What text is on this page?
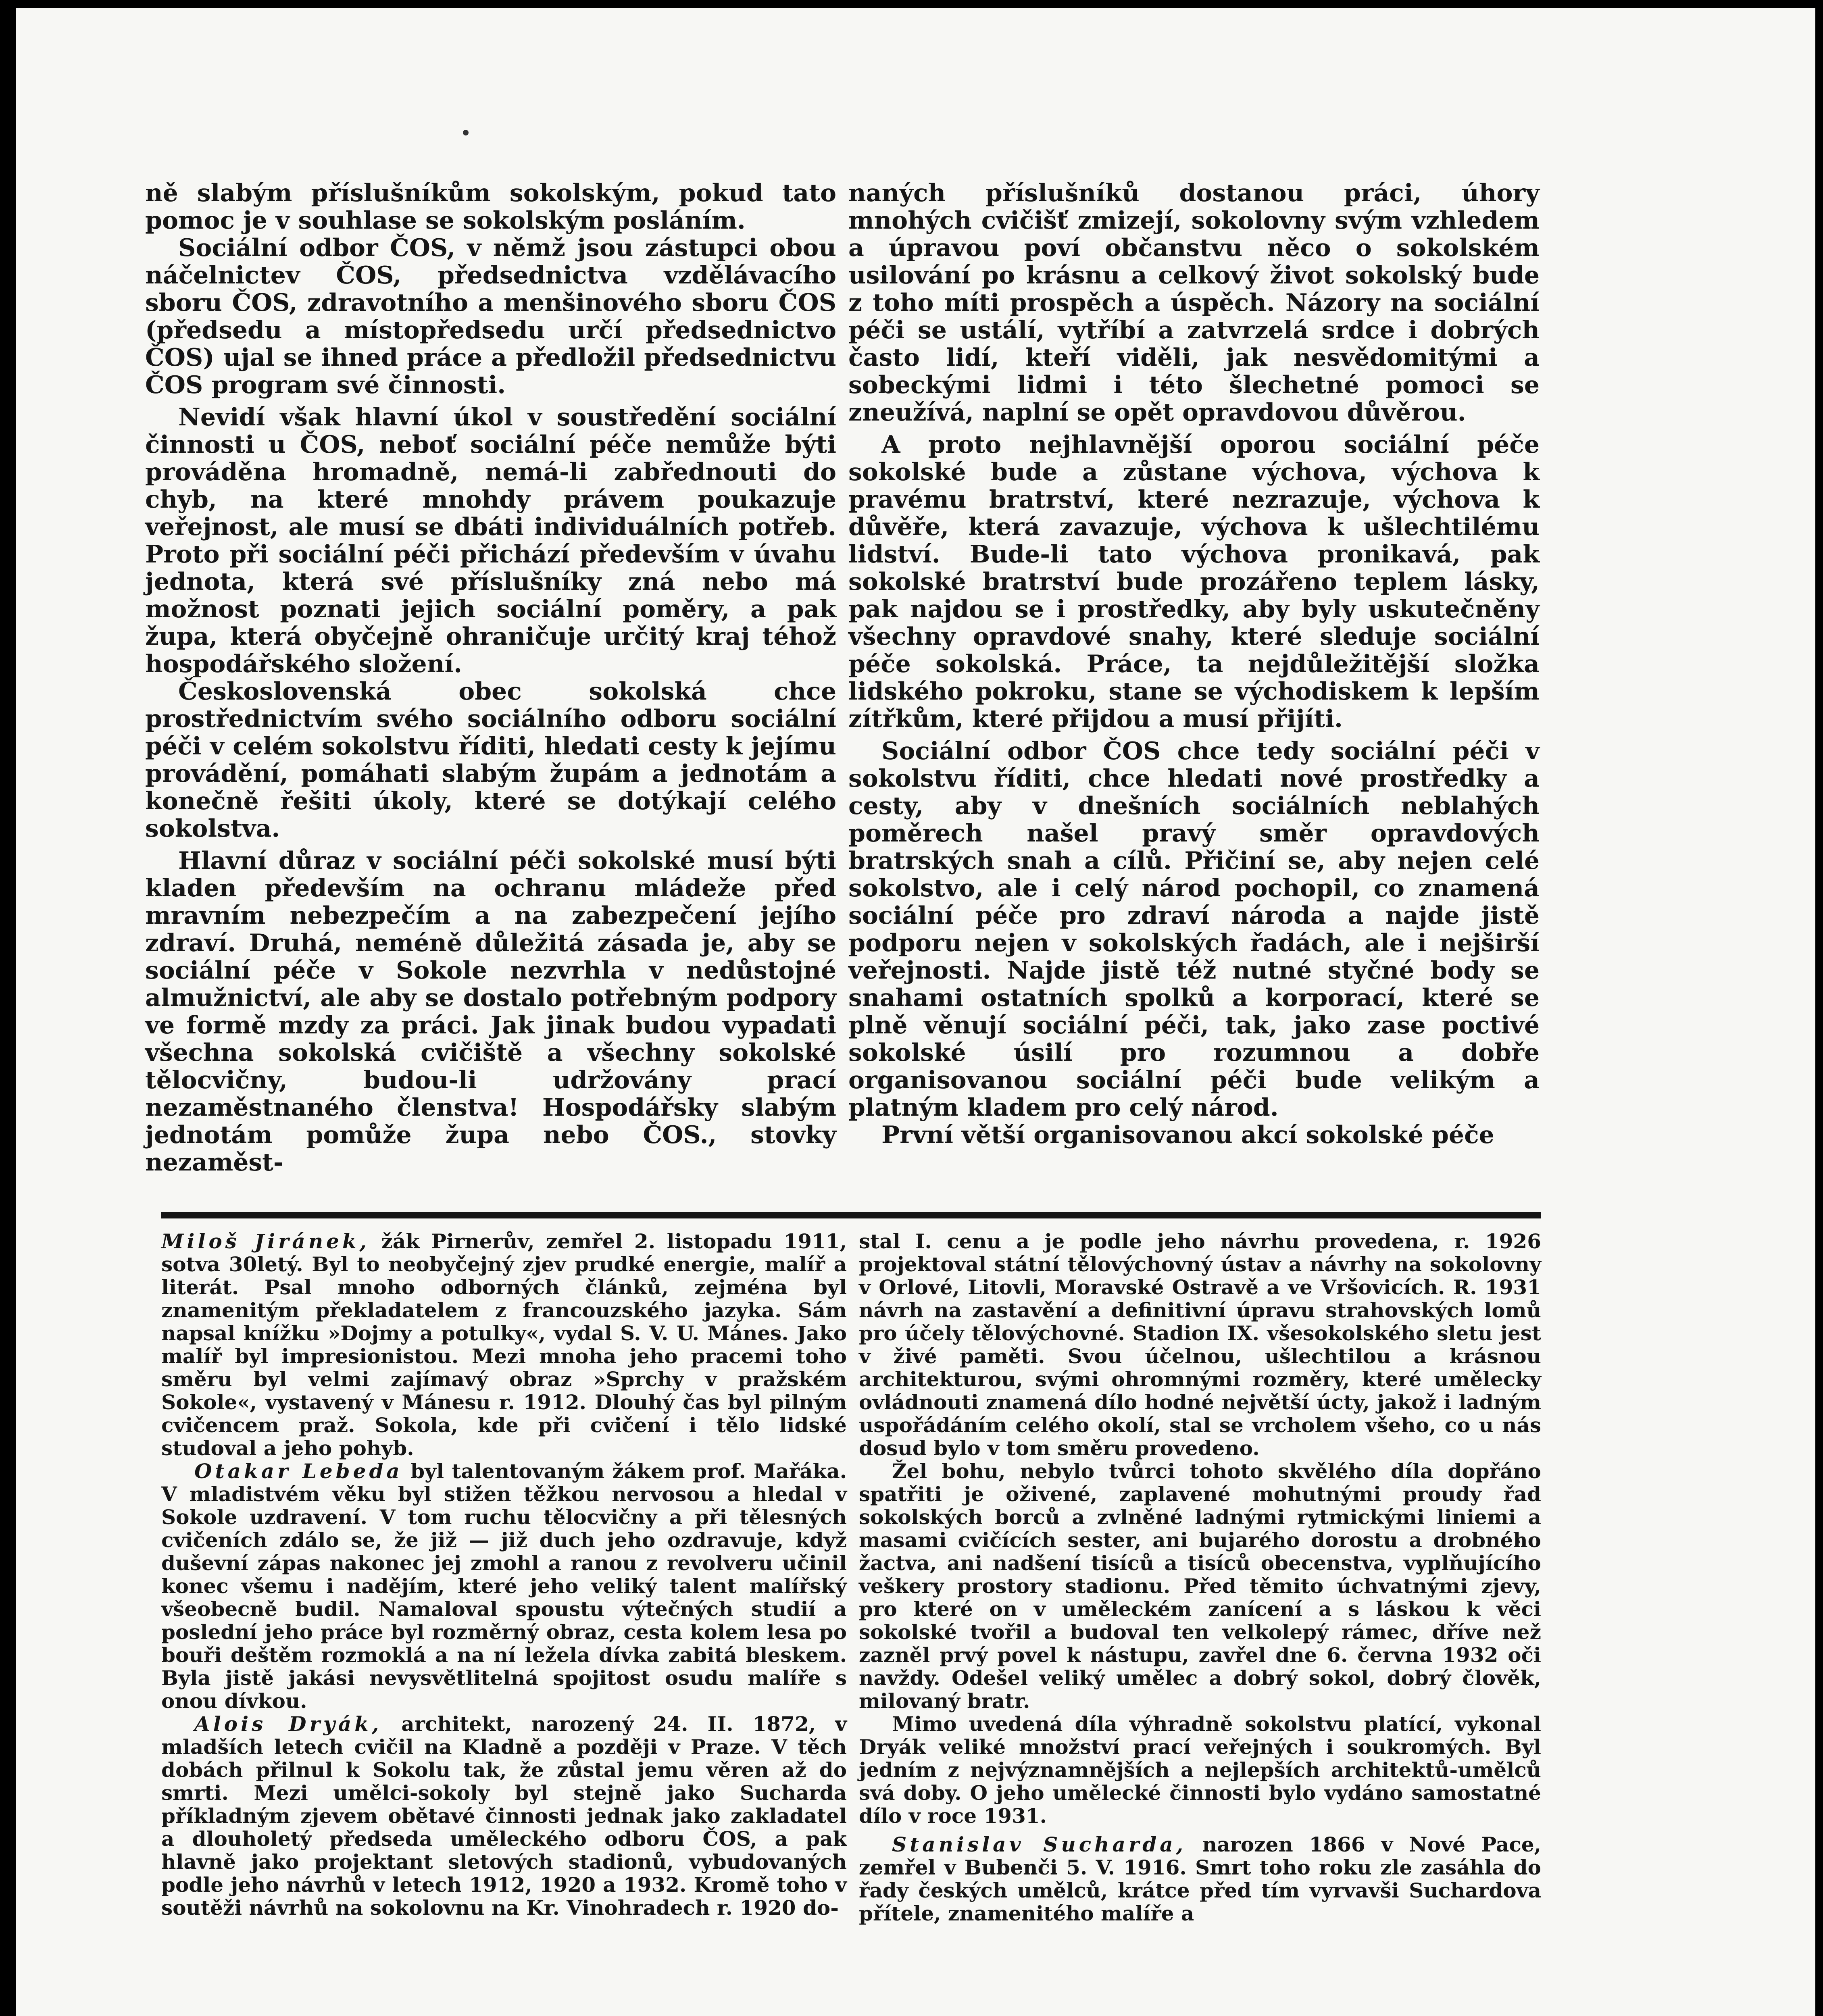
ně slabým příslušníkům sokolským, pokud tato pomoc je v souhlase se sokolským posláním.

Sociální odbor ČOS, v němž jsou zástupci obou náčelnictev ČOS, předsednictva vzdělávacího sboru ČOS, zdravotního a menšinového sboru ČOS (předsedu a místopředsedu určí předsednictvo ČOS) ujal se ihned práce a předložil předsednictvu ČOS program své činnosti.

Nevidí však hlavní úkol v soustředění sociální činnosti u ČOS, neboť sociální péče nemůže býti prováděna hromadně, nemá-li zabřednouti do chyb, na které mnohdy právem poukazuje veřejnost, ale musí se dbáti individuálních potřeb. Proto při sociální péči přichází především v úvahu jednota, která své příslušníky zná nebo má možnost poznati jejich sociální poměry, a pak župa, která obyčejně ohraničuje určitý kraj téhož hospodářského složení.

Československá obec sokolská chce prostřednictvím svého sociálního odboru sociální péči v celém sokolstvu říditi, hledati cesty k jejímu provádění, pomáhati slabým župám a jednotám a konečně řešiti úkoly, které se dotýkají celého sokolstva.

Hlavní důraz v sociální péči sokolské musí býti kladen především na ochranu mládeže před mravním nebezpečím a na zabezpečení jejího zdraví. Druhá, neméně důležitá zásada je, aby se sociální péče v Sokole nezvrhla v nedůstojné almužnictví, ale aby se dostalo potřebným podpory ve formě mzdy za práci. Jak jinak budou vypadati všechna sokolská cvičiště a všechny sokolské tělocvičny, budou-li udržovány prací nezaměstnaného členstva! Hospodářsky slabým jednotám pomůže župa nebo ČOS., stovky nezaměst-

naných příslušníků dostanou práci, úhory mnohých cvičišť zmizejí, sokolovny svým vzhledem a úpravou poví občanstvu něco o sokolském usilování po krásnu a celkový život sokolský bude z toho míti prospěch a úspěch. Názory na sociální péči se ustálí, vytříbí a zatvrzelá srdce i dobrých často lidí, kteří viděli, jak nesvědomitými a sobeckými lidmi i této šlechetné pomoci se zneužívá, naplní se opět opravdovou důvěrou.

A proto nejhlavnější oporou sociální péče sokolské bude a zůstane výchova, výchova k pravému bratrství, které nezrazuje, výchova k důvěře, která zavazuje, výchova k ušlechtilému lidství. Bude-li tato výchova pronikavá, pak sokolské bratrství bude prozářeno teplem lásky, pak najdou se i prostředky, aby byly uskutečněny všechny opravdové snahy, které sleduje sociální péče sokolská. Práce, ta nejdůležitější složka lidského pokroku, stane se východiskem k lepším zítřkům, které přijdou a musí přijíti.

Sociální odbor ČOS chce tedy sociální péči v sokolstvu říditi, chce hledati nové prostředky a cesty, aby v dnešních sociálních neblahých poměrech našel pravý směr opravdových bratrských snah a cílů. Přičiní se, aby nejen celé sokolstvo, ale i celý národ pochopil, co znamená sociální péče pro zdraví národa a najde jistě podporu nejen v sokolských řadách, ale i nejširší veřejnosti. Najde jistě též nutné styčné body se snahami ostatních spolků a korporací, které se plně věnují sociální péči, tak, jako zase poctivé sokolské úsilí pro rozumnou a dobře organisovanou sociální péči bude velikým a platným kladem pro celý národ.

První větší organisovanou akcí sokolské péče

Miloš Jiránek, žák Pirnerův, zemřel 2. listopadu 1911, sotva 30letý. Byl to neobyčejný zjev prudké energie, malíř a literát. Psal mnoho odborných článků, zejména byl znamenitým překladatelem z francouzského jazyka. Sám napsal knížku »Dojmy a potulky«, vydal S. V. U. Mánes. Jako malíř byl impresionistou. Mezi mnoha jeho pracemi toho směru byl velmi zajímavý obraz »Sprchy v pražském Sokole«, vystavený v Mánesu r. 1912. Dlouhý čas byl pilným cvičencem praž. Sokola, kde při cvičení i tělo lidské studoval a jeho pohyb.

Otakar Lebeda byl talentovaným žákem prof. Mařáka. V mladistvém věku byl stižen těžkou nervosou a hledal v Sokole uzdravení. V tom ruchu tělocvičny a při tělesných cvičeních zdálo se, že již — již duch jeho ozdravuje, když duševní zápas nakonec jej zmohl a ranou z revolveru učinil konec všemu i nadějím, které jeho veliký talent malířský všeobecně budil. Namaloval spoustu výtečných studií a poslední jeho práce byl rozměrný obraz, cesta kolem lesa po bouři deštěm rozmoklá a na ní ležela dívka zabitá bleskem. Byla jistě jakási nevysvětlitelná spojitost osudu malíře s onou dívkou.

Alois Dryák, architekt, narozený 24. II. 1872, v mladších letech cvičil na Kladně a později v Praze. V těch dobách přilnul k Sokolu tak, že zůstal jemu věren až do smrti. Mezi umělci-sokoly byl stejně jako Sucharda příkladným zjevem obětavé činnosti jednak jako zakladatel a dlouholetý předseda uměleckého odboru ČOS, a pak hlavně jako projektant sletových stadionů, vybudovaných podle jeho návrhů v letech 1912, 1920 a 1932. Kromě toho v soutěži návrhů na sokolovnu na Kr. Vinohradech r. 1920 do-

stal I. cenu a je podle jeho návrhu provedena, r. 1926 projektoval státní tělovýchovný ústav a návrhy na sokolovny v Orlové, Litovli, Moravské Ostravě a ve Vršovicích. R. 1931 návrh na zastavění a definitivní úpravu strahovských lomů pro účely tělovýchovné. Stadion IX. všesokolského sletu jest v živé paměti. Svou účelnou, ušlechtilou a krásnou architekturou, svými ohromnými rozměry, které umělecky ovládnouti znamená dílo hodné největší úcty, jakož i ladným uspořádáním celého okolí, stal se vrcholem všeho, co u nás dosud bylo v tom směru provedeno.

Žel bohu, nebylo tvůrci tohoto skvělého díla dopřáno spatřiti je oživené, zaplavené mohutnými proudy řad sokolských borců a zvlněné ladnými rytmickými liniemi a masami cvičících sester, ani bujarého dorostu a drobného žactva, ani nadšení tisíců a tisíců obecenstva, vyplňujícího veškery prostory stadionu. Před těmito úchvatnými zjevy, pro které on v uměleckém zanícení a s láskou k věci sokolské tvořil a budoval ten velkolepý rámec, dříve než zazněl prvý povel k nástupu, zavřel dne 6. června 1932 oči navždy. Odešel veliký umělec a dobrý sokol, dobrý člověk, milovaný bratr.

Mimo uvedená díla výhradně sokolstvu platící, vykonal Dryák veliké množství prací veřejných i soukromých. Byl jedním z nejvýznamnějších a nejlepších architektů-umělců svá doby. O jeho umělecké činnosti bylo vydáno samostatné dílo v roce 1931.

Stanislav Sucharda, narozen 1866 v Nové Pace, zemřel v Bubenči 5. V. 1916. Smrt toho roku zle zasáhla do řady českých umělců, krátce před tím vyrvavši Suchardova přítele, znamenitého malíře a
